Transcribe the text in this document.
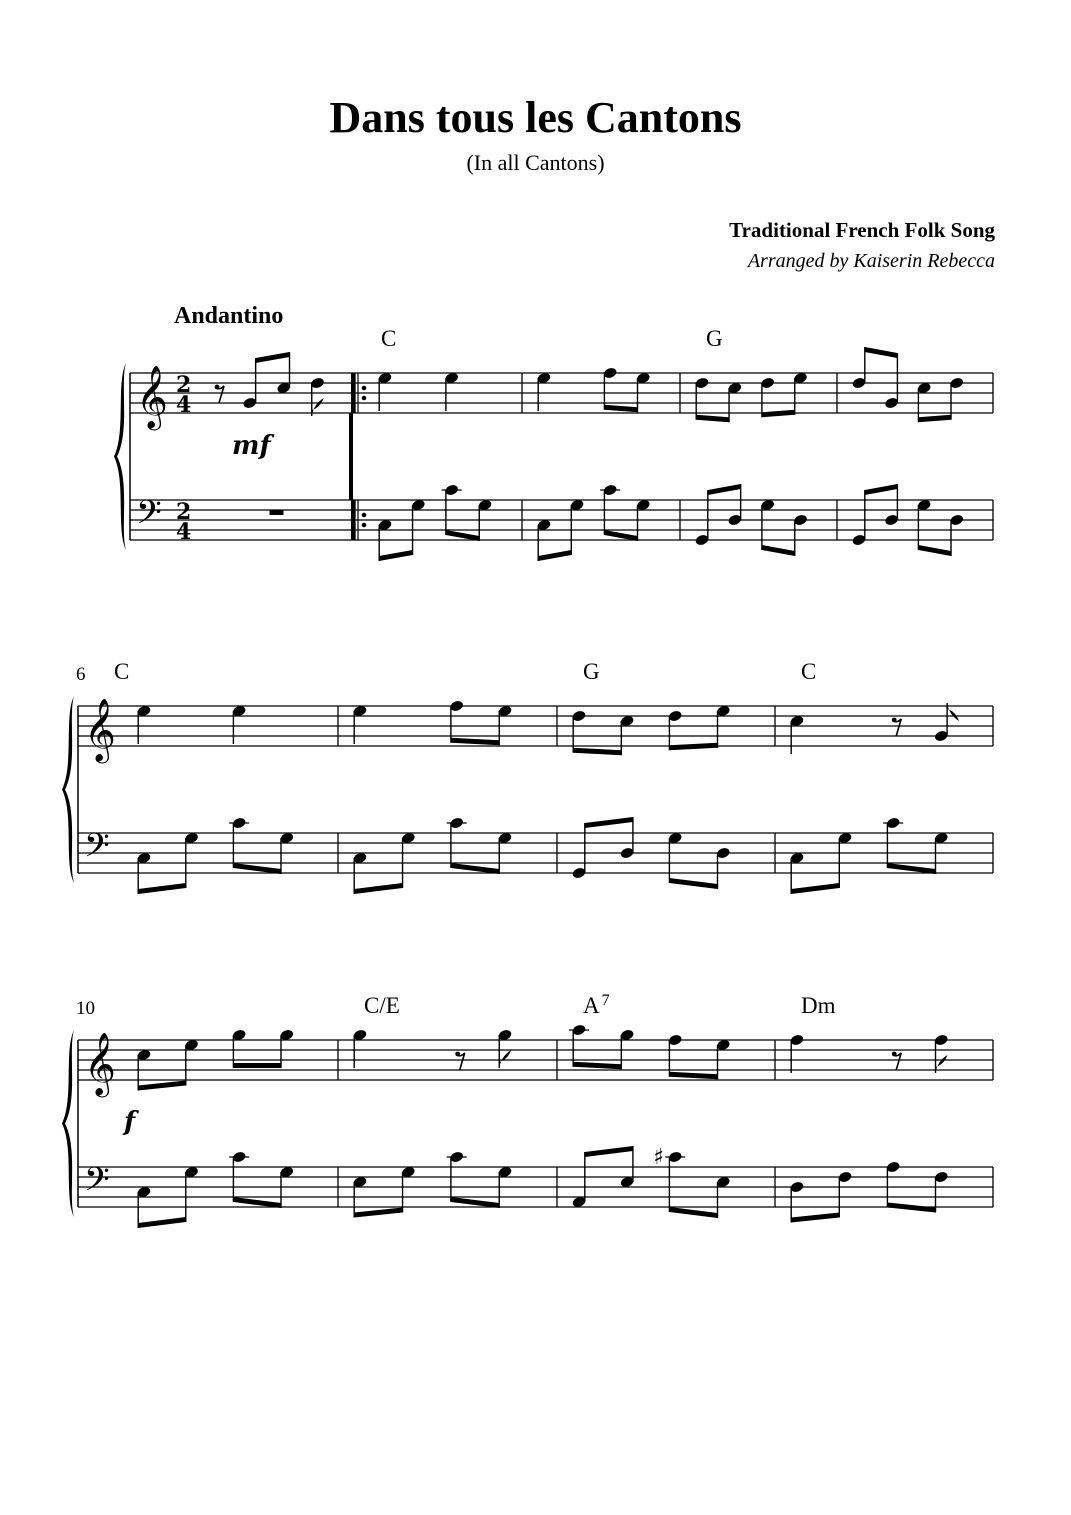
Dans tous les Cantons
(In all Cantons)
Traditional French Folk Song
Arranged by Kaiserin Rebecca
Andantino
𝄞
𝄢
2
4
2
4
C	G
𝄞
𝄢
C	G	C
6
𝄞
𝄢
♯
C/E	A $^7$	Dm
10
mf
f
